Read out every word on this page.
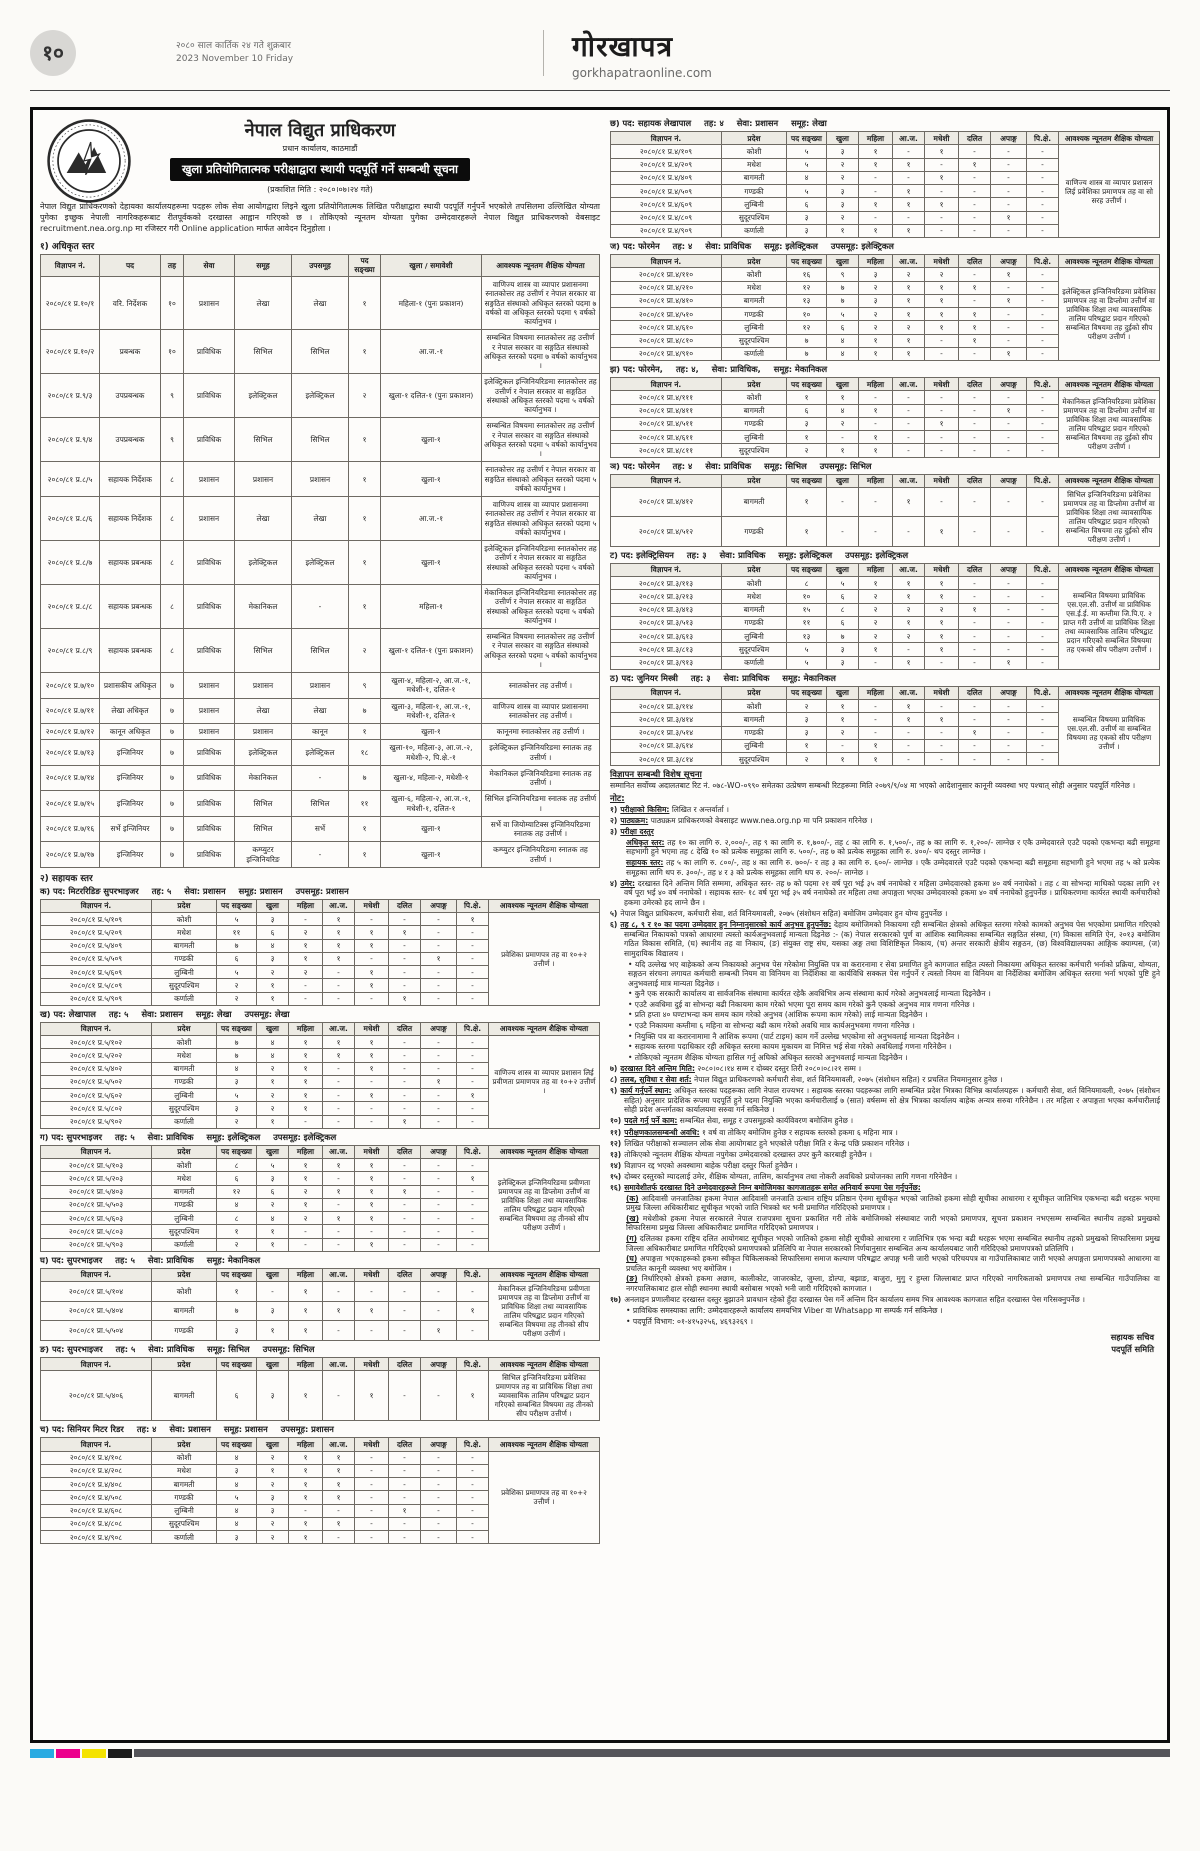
१०	२०८० साल कार्तिक २४ गते शुक्रबार
2023 November 10 Friday	गोरखापत्र
gorkhapatraonline.com
नेपाल विद्युत प्राधिकरण
प्रधान कार्यालय, काठमाडौं
खुला प्रतियोगितात्मक परीक्षाद्वारा स्थायी पदपूर्ति गर्ने सम्बन्धी सूचना
(प्रकाशित मिति : २०८०।०७।२४ गते)

नेपाल विद्युत प्राधिकरणको देहायका कार्यालयहरूमा पदहरू लोक सेवा आयोगद्वारा लिइने खुला प्रतियोगितात्मक लिखित परीक्षाद्वारा स्थायी पदपूर्ति गर्नुपर्ने भएकोले तपसिलमा उल्लिखित योग्यता पुगेका इच्छुक नेपाली नागरिकहरूबाट रीतपूर्वकको दरखास्त आह्वान गरिएको छ । तोकिएको न्यूनतम योग्यता पुगेका उम्मेदवारहरूले नेपाल विद्युत प्राधिकरणको वेबसाइट recruitment.nea.org.np मा रजिस्टर गरी Online application मार्फत आवेदन दिनुहोला ।

१) अधिकृत स्तर
विज्ञापन नं.	पद	तह	सेवा	समूह	उपसमूह	पद सङ्ख्या	खुला / समावेशी	आवश्यक न्यूनतम शैक्षिक योग्यता
२०८०/८१ प्र.१०/१	वरि. निर्देशक	१०	प्रशासन	लेखा	लेखा	१	महिला-१ (पुनः प्रकाशन)	वाणिज्य शास्त्र वा व्यापार प्रशासनमा स्नातकोत्तर तह उत्तीर्ण र नेपाल सरकार वा सङ्गठित संस्थाको अधिकृत स्तरको पदमा ७ वर्षको वा अधिकृत स्तरको पदमा ९ वर्षको कार्यानुभव ।
२०८०/८१ प्र.१०/२	प्रबन्धक	१०	प्राविधिक	सिभिल	सिभिल	१	आ.ज.-१	सम्बन्धित विषयमा स्नातकोत्तर तह उत्तीर्ण र नेपाल सरकार वा सङ्गठित संस्थाको अधिकृत स्तरको पदमा ७ वर्षको कार्यानुभव ।
२०८०/८१ प्र.९/३	उपप्रबन्धक	९	प्राविधिक	इलेक्ट्रिकल	इलेक्ट्रिकल	२	खुला-१ दलित-१ (पुनः प्रकाशन)	इलेक्ट्रिकल इन्जिनियरिङमा स्नातकोत्तर तह उत्तीर्ण र नेपाल सरकार वा सङ्गठित संस्थाको अधिकृत स्तरको पदमा ५ वर्षको कार्यानुभव ।
२०८०/८१ प्र.९/४	उपप्रबन्धक	९	प्राविधिक	सिभिल	सिभिल	१	खुला-१	सम्बन्धित विषयमा स्नातकोत्तर तह उत्तीर्ण र नेपाल सरकार वा सङ्गठित संस्थाको अधिकृत स्तरको पदमा ५ वर्षको कार्यानुभव ।
२०८०/८१ प्र.८/५	सहायक निर्देशक	८	प्रशासन	प्रशासन	प्रशासन	१	खुला-१	स्नातकोत्तर तह उत्तीर्ण र नेपाल सरकार वा सङ्गठित संस्थाको अधिकृत स्तरको पदमा ५ वर्षको कार्यानुभव ।
२०८०/८१ प्र.८/६	सहायक निर्देशक	८	प्रशासन	लेखा	लेखा	१	आ.ज.-१	वाणिज्य शास्त्र वा व्यापार प्रशासनमा स्नातकोत्तर तह उत्तीर्ण र नेपाल सरकार वा सङ्गठित संस्थाको अधिकृत स्तरको पदमा ५ वर्षको कार्यानुभव ।
२०८०/८१ प्र.८/७	सहायक प्रबन्धक	८	प्राविधिक	इलेक्ट्रिकल	इलेक्ट्रिकल	१	खुला-१	इलेक्ट्रिकल इन्जिनियरिङमा स्नातकोत्तर तह उत्तीर्ण र नेपाल सरकार वा सङ्गठित संस्थाको अधिकृत स्तरको पदमा ५ वर्षको कार्यानुभव ।
२०८०/८१ प्र.८/८	सहायक प्रबन्धक	८	प्राविधिक	मेकानिकल	-	१	महिला-१	मेकानिकल इन्जिनियरिङमा स्नातकोत्तर तह उत्तीर्ण र नेपाल सरकार वा सङ्गठित संस्थाको अधिकृत स्तरको पदमा ५ वर्षको कार्यानुभव ।
२०८०/८१ प्र.८/९	सहायक प्रबन्धक	८	प्राविधिक	सिभिल	सिभिल	२	खुला-१ दलित-१ (पुनः प्रकाशन)	सम्बन्धित विषयमा स्नातकोत्तर तह उत्तीर्ण र नेपाल सरकार वा सङ्गठित संस्थाको अधिकृत स्तरको पदमा ५ वर्षको कार्यानुभव ।
२०८०/८१ प्र.७/१०	प्रशासकीय अधिकृत	७	प्रशासन	प्रशासन	प्रशासन	९	खुला-४, महिला-२, आ.ज.-१, मधेशी-१, दलित-१	स्नातकोत्तर तह उत्तीर्ण ।
२०८०/८१ प्र.७/११	लेखा अधिकृत	७	प्रशासन	लेखा	लेखा	७	खुला-३, महिला-१, आ.ज.-१, मधेशी-१, दलित-१	वाणिज्य शास्त्र वा व्यापार प्रशासनमा स्नातकोत्तर तह उत्तीर्ण ।
२०८०/८१ प्र.७/१२	कानून अधिकृत	७	प्रशासन	प्रशासन	कानून	१	खुला-१	कानूनमा स्नातकोत्तर तह उत्तीर्ण ।
२०८०/८१ प्र.७/१३	इन्जिनियर	७	प्राविधिक	इलेक्ट्रिकल	इलेक्ट्रिकल	१८	खुला-१०, महिला-३, आ.ज.-२, मधेशी-२, पि.क्षे.-१	इलेक्ट्रिकल इन्जिनियरिङमा स्नातक तह उत्तीर्ण ।
२०८०/८१ प्र.७/१४	इन्जिनियर	७	प्राविधिक	मेकानिकल	-	७	खुला-४, महिला-२, मधेशी-१	मेकानिकल इन्जिनियरिङमा स्नातक तह उत्तीर्ण ।
२०८०/८१ प्र.७/१५	इन्जिनियर	७	प्राविधिक	सिभिल	सिभिल	११	खुला-६, महिला-२, आ.ज.-१, मधेशी-१, दलित-१	सिभिल इन्जिनियरिङमा स्नातक तह उत्तीर्ण ।
२०८०/८१ प्र.७/१६	सर्भे इन्जिनियर	७	प्राविधिक	सिभिल	सर्भे	१	खुला-१	सर्भे वा जियोम्याटिक्स इन्जिनियरिङमा स्नातक तह उत्तीर्ण ।
२०८०/८१ प्र.७/१७	इन्जिनियर	७	प्राविधिक	कम्प्युटर इन्जिनियरिङ	-	१	खुला-१	कम्प्युटर इन्जिनियरिङमा स्नातक तह उत्तीर्ण ।
२) सहायक स्तर
क) पद: मिटररिडिङ सुपरभाइजर तह: ५ सेवा: प्रशासन समूह: प्रशासन उपसमूह: प्रशासन
विज्ञापन नं.	प्रदेश	पद सङ्ख्या	खुला	महिला	आ.ज.	मधेशी	दलित	अपाङ्ग	पि.क्षे.	आवश्यक न्यूनतम शैक्षिक योग्यता
२०८०/८१ प्र.५/१०९	कोशी	५	३	-	१	-	-	-	१	प्रवेशिका प्रमाणपत्र तह वा १०+२ उत्तीर्ण ।
२०८०/८१ प्र.५/२०९	मधेश	११	६	२	१	१	१	-	-	
२०८०/८१ प्र.५/४०९	बागमती	७	४	१	१	१	-	-	-	
२०८०/८१ प्र.५/५०९	गण्डकी	६	३	१	१	-	-	१	-	
२०८०/८१ प्र.५/६०९	लुम्बिनी	५	२	२	-	१	-	-	-	
२०८०/८१ प्र.५/८०९	सुदूरपश्चिम	२	१	-	-	१	-	-	-	
२०८०/८१ प्र.५/९०९	कर्णाली	२	१	-	-	-	१	-	-	
ख) पद: लेखापाल तह: ५ सेवा: प्रशासन समूह: लेखा उपसमूह: लेखा
विज्ञापन नं.	प्रदेश	पद सङ्ख्या	खुला	महिला	आ.ज.	मधेशी	दलित	अपाङ्ग	पि.क्षे.	आवश्यक न्यूनतम शैक्षिक योग्यता
२०८०/८१ प्र.५/१०२	कोशी	७	४	१	१	१	-	-	-	वाणिज्य शास्त्र वा व्यापार प्रशासन लिई प्रवीणता प्रमाणपत्र तह वा १०+२ उत्तीर्ण ।
२०८०/८१ प्र.५/२०२	मधेश	७	४	१	१	१	-	-	-	
२०८०/८१ प्र.५/४०२	बागमती	४	२	१	-	१	-	-	-	
२०८०/८१ प्र.५/५०२	गण्डकी	३	१	१	-	-	-	१	-	
२०८०/८१ प्र.५/६०२	लुम्बिनी	५	२	१	-	१	-	-	१	
२०८०/८१ प्र.५/८०२	सुदूरपश्चिम	३	२	१	-	-	-	-	-	
२०८०/८१ प्र.५/९०२	कर्णाली	२	१	-	-	-	१	-	-	
ग) पद: सुपरभाइजर तह: ५ सेवा: प्राविधिक समूह: इलेक्ट्रिकल उपसमूह: इलेक्ट्रिकल
विज्ञापन नं.	प्रदेश	पद सङ्ख्या	खुला	महिला	आ.ज.	मधेशी	दलित	अपाङ्ग	पि.क्षे.	आवश्यक न्यूनतम शैक्षिक योग्यता
२०८०/८१ प्रा.५/१०३	कोशी	८	५	१	१	१	-	-	-	इलेक्ट्रिकल इन्जिनियरिङमा प्रवीणता प्रमाणपत्र तह वा डिप्लोमा उत्तीर्ण वा प्राविधिक शिक्षा तथा व्यावसायिक तालिम परिषद्बाट प्रदान गरिएको सम्बन्धित विषयमा तह तीनको सीप परीक्षण उत्तीर्ण ।
२०८०/८१ प्रा.५/२०३	मधेश	६	३	१	-	१	-	-	१	
२०८०/८१ प्रा.५/४०३	बागमती	१२	६	२	१	१	१	-	-	
२०८०/८१ प्रा.५/५०३	गण्डकी	४	२	१	-	१	-	-	-	
२०८०/८१ प्रा.५/६०३	लुम्बिनी	८	४	२	१	१	-	-	-	
२०८०/८१ प्रा.५/८०३	सुदूरपश्चिम	१	१	-	-	-	-	-	-	
२०८०/८१ प्रा.५/९०३	कर्णाली	२	१	-	-	१	-	-	-	
घ) पद: सुपरभाइजर तह: ५ सेवा: प्राविधिक समूह: मेकानिकल
विज्ञापन नं.	प्रदेश	पद सङ्ख्या	खुला	महिला	आ.ज.	मधेशी	दलित	अपाङ्ग	पि.क्षे.	आवश्यक न्यूनतम शैक्षिक योग्यता
२०८०/८१ प्रा.५/१०४	कोशी	१	-	१	-	-	-	-	-	मेकानिकल इन्जिनियरिङमा प्रवीणता प्रमाणपत्र तह वा डिप्लोमा उत्तीर्ण वा प्राविधिक शिक्षा तथा व्यावसायिक तालिम परिषद्बाट प्रदान गरिएको सम्बन्धित विषयमा तह तीनको सीप परीक्षण उत्तीर्ण ।
२०८०/८१ प्रा.५/४०४	बागमती	७	३	१	१	१	-	-	१	
२०८०/८१ प्रा.५/५०४	गण्डकी	३	१	१	-	-	-	१	-	
ङ) पद: सुपरभाइजर तह: ५ सेवा: प्राविधिक समूह: सिभिल उपसमूह: सिभिल
विज्ञापन नं.	प्रदेश	पद सङ्ख्या	खुला	महिला	आ.ज.	मधेशी	दलित	अपाङ्ग	पि.क्षे.	आवश्यक न्यूनतम शैक्षिक योग्यता
२०८०/८१ प्रा.५/४०६	बागमती	६	३	१	-	१	-	-	१	सिभिल इन्जिनियरिङमा प्रवेशिका प्रमाणपत्र तह वा प्राविधिक शिक्षा तथा व्यावसायिक तालिम परिषद्बाट प्रदान गरिएको सम्बन्धित विषयमा तह तीनको सीप परीक्षण उत्तीर्ण ।
च) पद: सिनियर मिटर रिडर तह: ४ सेवा: प्रशासन समूह: प्रशासन उपसमूह: प्रशासन
विज्ञापन नं.	प्रदेश	पद सङ्ख्या	खुला	महिला	आ.ज.	मधेशी	दलित	अपाङ्ग	पि.क्षे.	आवश्यक न्यूनतम शैक्षिक योग्यता
२०८०/८१ प्र.४/१०८	कोशी	४	२	१	१	-	-	-	-	प्रवेशिका प्रमाणपत्र तह वा १०+२ उत्तीर्ण ।
२०८०/८१ प्र.४/२०८	मधेश	३	१	१	१	-	-	-	-	
२०८०/८१ प्र.४/४०८	बागमती	४	२	१	१	-	-	-	-	
२०८०/८१ प्र.४/५०८	गण्डकी	५	३	१	१	-	-	-	-	
२०८०/८१ प्र.४/६०८	लुम्बिनी	४	३	-	-	-	१	-	-	
२०८०/८१ प्र.४/८०८	सुदूरपश्चिम	४	२	१	१	-	-	-	-	
२०८०/८१ प्र.४/९०८	कर्णाली	३	२	१	-	-	-	-	-	
छ) पद: सहायक लेखापाल तह: ४ सेवा: प्रशासन समूह: लेखा
विज्ञापन नं.	प्रदेश	पद सङ्ख्या	खुला	महिला	आ.ज.	मधेशी	दलित	अपाङ्ग	पि.क्षे.	आवश्यक न्यूनतम शैक्षिक योग्यता
२०८०/८१ प्र.४/१०९	कोशी	५	३	१	-	१	-	-	-	वाणिज्य शास्त्र वा व्यापार प्रशासन लिई प्रवेशिका प्रमाणपत्र तह वा सो सरह उत्तीर्ण ।
२०८०/८१ प्र.४/२०९	मधेश	५	२	१	१	-	१	-	-	
२०८०/८१ प्र.४/४०९	बागमती	४	२	-	-	१	-	-	-	
२०८०/८१ प्र.४/५०९	गण्डकी	५	३	-	१	-	-	-	-	
२०८०/८१ प्र.४/६०९	लुम्बिनी	६	३	१	१	१	-	-	-	
२०८०/८१ प्र.४/८०९	सुदूरपश्चिम	३	२	-	-	-	-	१	-	
२०८०/८१ प्र.४/९०९	कर्णाली	३	१	१	१	-	-	-	-	
ज) पद: फोरमेन तह: ४ सेवा: प्राविधिक समूह: इलेक्ट्रिकल उपसमूह: इलेक्ट्रिकल
विज्ञापन नं.	प्रदेश	पद सङ्ख्या	खुला	महिला	आ.ज.	मधेशी	दलित	अपाङ्ग	पि.क्षे.	आवश्यक न्यूनतम शैक्षिक योग्यता
२०८०/८१ प्रा.४/११०	कोशी	१६	९	३	२	२	-	१	-	इलेक्ट्रिकल इन्जिनियरिङमा प्रवेशिका प्रमाणपत्र तह वा डिप्लोमा उत्तीर्ण वा प्राविधिक शिक्षा तथा व्यावसायिक तालिम परिषद्बाट प्रदान गरिएको सम्बन्धित विषयमा तह दुईको सीप परीक्षण उत्तीर्ण ।
२०८०/८१ प्रा.४/२१०	मधेश	१२	७	२	१	१	१	-	-	
२०८०/८१ प्रा.४/४१०	बागमती	१३	७	३	१	१	-	१	-	
२०८०/८१ प्रा.४/५१०	गण्डकी	१०	५	२	१	१	१	-	-	
२०८०/८१ प्रा.४/६१०	लुम्बिनी	१२	६	२	२	१	१	-	-	
२०८०/८१ प्रा.४/८१०	सुदूरपश्चिम	७	४	१	१	-	१	-	-	
२०८०/८१ प्रा.४/९१०	कर्णाली	७	४	१	१	-	-	१	-	
झ) पद: फोरमेन, तह: ४, सेवा: प्राविधिक, समूह: मेकानिकल
विज्ञापन नं.	प्रदेश	पद सङ्ख्या	खुला	महिला	आ.ज.	मधेशी	दलित	अपाङ्ग	पि.क्षे.	आवश्यक न्यूनतम शैक्षिक योग्यता
२०८०/८१ प्रा.४/१११	कोशी	१	१	-	-	-	-	-	-	मेकानिकल इन्जिनियरिङमा प्रवेशिका प्रमाणपत्र तह वा डिप्लोमा उत्तीर्ण वा प्राविधिक शिक्षा तथा व्यावसायिक तालिम परिषद्बाट प्रदान गरिएको सम्बन्धित विषयमा तह दुईको सीप परीक्षण उत्तीर्ण ।
२०८०/८१ प्रा.४/४११	बागमती	६	४	१	-	-	-	१	-	
२०८०/८१ प्रा.४/५११	गण्डकी	३	२	-	-	१	-	-	-	
२०८०/८१ प्रा.४/६११	लुम्बिनी	१	-	१	-	-	-	-	-	
२०८०/८१ प्रा.४/८११	सुदूरपश्चिम	२	१	१	-	-	-	-	-	
ञ) पद: फोरमेन तह: ४ सेवा: प्राविधिक समूह: सिभिल उपसमूह: सिभिल
विज्ञापन नं.	प्रदेश	पद सङ्ख्या	खुला	महिला	आ.ज.	मधेशी	दलित	अपाङ्ग	पि.क्षे.	आवश्यक न्यूनतम शैक्षिक योग्यता
२०८०/८१ प्रा.४/४१२	बागमती	१	-	-	१	-	-	-	-	सिभिल इन्जिनियरिङमा प्रवेशिका प्रमाणपत्र तह वा डिप्लोमा उत्तीर्ण वा प्राविधिक शिक्षा तथा व्यावसायिक तालिम परिषद्बाट प्रदान गरिएको सम्बन्धित विषयमा तह दुईको सीप परीक्षण उत्तीर्ण ।
२०८०/८१ प्रा.४/५१२	गण्डकी	१	-	-	-	१	-	-	-	
ट) पद: इलेक्ट्रिसियन तह: ३ सेवा: प्राविधिक समूह: इलेक्ट्रिकल उपसमूह: इलेक्ट्रिकल
विज्ञापन नं.	प्रदेश	पद सङ्ख्या	खुला	महिला	आ.ज.	मधेशी	दलित	अपाङ्ग	पि.क्षे.	आवश्यक न्यूनतम शैक्षिक योग्यता
२०८०/८१ प्रा.३/११३	कोशी	८	५	१	१	१	-	-	-	सम्बन्धित विषयमा प्राविधिक एस.एल.सी. उत्तीर्ण वा प्राविधिक एस.ई.ई. मा कम्तीमा जि.पि.ए. २ प्राप्त गरी उत्तीर्ण वा प्राविधिक शिक्षा तथा व्यावसायिक तालिम परिषद्बाट प्रदान गरिएको सम्बन्धित विषयमा तह एकको सीप परीक्षण उत्तीर्ण ।
२०८०/८१ प्रा.३/२१३	मधेश	१०	६	२	१	१	-	-	-	
२०८०/८१ प्रा.३/४१३	बागमती	१५	८	२	२	२	१	-	-	
२०८०/८१ प्रा.३/५१३	गण्डकी	११	६	२	१	१	-	-	-	
२०८०/८१ प्रा.३/६१३	लुम्बिनी	१३	७	२	२	१	-	-	-	
२०८०/८१ प्रा.३/८१३	सुदूरपश्चिम	५	३	१	-	१	-	-	-	
२०८०/८१ प्रा.३/९१३	कर्णाली	५	३	-	१	-	-	१	-	
ठ) पद: जुनियर मिस्त्री तह: ३ सेवा: प्राविधिक समूह: मेकानिकल
विज्ञापन नं.	प्रदेश	पद सङ्ख्या	खुला	महिला	आ.ज.	मधेशी	दलित	अपाङ्ग	पि.क्षे.	आवश्यक न्यूनतम शैक्षिक योग्यता
२०८०/८१ प्रा.३/११४	कोशी	२	१	-	१	-	-	-	-	सम्बन्धित विषयमा प्राविधिक एस.एल.सी. उत्तीर्ण वा सम्बन्धित विषयमा तह एकको सीप परीक्षण उत्तीर्ण ।
२०८०/८१ प्रा.३/४१४	बागमती	३	१	-	१	१	-	-	-	
२०८०/८१ प्रा.३/५१४	गण्डकी	३	२	-	-	-	१	-	-	
२०८०/८१ प्रा.३/६१४	लुम्बिनी	१	-	१	-	-	-	-	-	
२०८०/८१ प्रा.३/८१४	सुदूरपश्चिम	२	१	१	-	-	-	-	-	
विज्ञापन सम्बन्धी विशेष सूचना

सम्मानित सर्वोच्च अदालतबाट रिट नं. ०७८-WO-०९९० समेतका उत्प्रेषण सम्बन्धी रिटहरूमा मिति २०७९/९/०४ मा भएको आदेशानुसार कानूनी व्यवस्था भए पश्चात् सोही अनुसार पदपूर्ति गरिनेछ ।

नोट:
१) परीक्षाको किसिम: लिखित र अन्तर्वार्ता ।
२) पाठ्यक्रम: पाठ्यक्रम प्राधिकरणको वेबसाइट www.nea.org.np मा पनि प्रकाशन गरिनेछ ।
३) परीक्षा दस्तुर
अधिकृत स्तर: तह १० का लागि रु. २,०००/-, तह ९ का लागि रु. १,७००/-, तह ८ का लागि रु. १,५००/-, तह ७ का लागि रु. १,२००/- लाग्नेछ र एकै उम्मेदवारले एउटै पदको एकभन्दा बढी समूहमा सहभागी हुने भएमा तह ८ देखि १० को प्रत्येक समूहका लागि रु. ५००/-, तह ७ को प्रत्येक समूहका लागि रु. ४००/- थप दस्तुर लाग्नेछ ।
सहायक स्तर: तह ५ का लागि रु. ८००/-, तह ४ का लागि रु. ७००/- र तह ३ का लागि रु. ६००/- लाग्नेछ । एकै उम्मेदवारले एउटै पदको एकभन्दा बढी समूहमा सहभागी हुने भएमा तह ५ को प्रत्येक समूहका लागि थप रु. ३००/-, तह ४ र ३ को प्रत्येक समूहका लागि थप रु. २००/- लाग्नेछ ।
४) उमेर: दरखास्त दिने अन्तिम मिति सम्ममा, अधिकृत स्तर- तह ७ को पदमा २१ वर्ष पूरा भई ३५ वर्ष ननाघेको र महिला उम्मेदवारको हकमा ४० वर्ष ननाघेको । तह ८ वा सोभन्दा माथिको पदका लागि २१ वर्ष पूरा भई ४० वर्ष ननाघेको । सहायक स्तर- १८ वर्ष पूरा भई ३५ वर्ष ननाघेको तर महिला तथा अपाङ्गता भएका उम्मेदवारको हकमा ४० वर्ष ननाघेको हुनुपर्नेछ । प्राधिकरणमा कार्यरत स्थायी कर्मचारीको हकमा उमेरको हद लाग्ने छैन ।
५) नेपाल विद्युत प्राधिकरण, कर्मचारी सेवा, शर्त विनियमावली, २०७५ (संशोधन सहित) बमोजिम उम्मेदवार हुन योग्य हुनुपर्नेछ ।
६) तह ८, ९ र १० का पदमा उम्मेदवार हुन निम्नानुसारको कार्य अनुभव हुनुपर्नेछ: देहाय बमोजिमको निकायमा रही सम्बन्धित क्षेत्रको अधिकृत स्तरमा गरेको कामको अनुभव पेस भएकोमा प्रमाणित गरिएको सम्बन्धित निकायको पत्रको आधारमा त्यस्तो कार्यअनुभवलाई मान्यता दिइनेछ :- (क) नेपाल सरकारको पूर्ण वा आंशिक स्वामित्वका सम्बन्धित सङ्गठित संस्था, (ग) विकास समिति ऐन, २०१३ बमोजिम गठित विकास समिति, (घ) स्थानीय तह वा निकाय, (ङ) संयुक्त राष्ट्र संघ, यसका अङ्ग तथा विशिष्टिकृत निकाय, (च) अन्तर सरकारी क्षेत्रीय सङ्गठन, (छ) विश्वविद्यालयका आङ्गिक क्याम्पस, (ज) सामुदायिक विद्यालय ।
• यदि उल्लेख भए बाहेकको अन्य निकायको अनुभव पेस गरेकोमा नियुक्ति पत्र वा करारनामा र सेवा प्रमाणित हुने कागजात सहित त्यस्तो निकायमा अधिकृत स्तरका कर्मचारी भर्नाको प्रक्रिया, योग्यता, सङ्गठन संरचना लगायत कर्मचारी सम्बन्धी नियम वा विनियम वा निर्देशिका वा कार्यविधि सक्कल पेस गर्नुपर्ने र त्यस्तो नियम वा विनियम वा निर्देशिका बमोजिम अधिकृत स्तरमा भर्ना भएको पुष्टि हुने अनुभवलाई मात्र मान्यता दिइनेछ ।
• कुनै एक सरकारी कार्यालय वा सार्वजनिक संस्थामा कार्यरत रहेकै अवधिभित्र अन्य संस्थामा कार्य गरेको अनुभवलाई मान्यता दिइनेछैन ।
• एउटै अवधिमा दुई वा सोभन्दा बढी निकायमा काम गरेको भएमा पूरा समय काम गरेको कुनै एकको अनुभव मात्र गणना गरिनेछ ।
• प्रति हप्ता ४० घण्टाभन्दा कम समय काम गरेको अनुभव (आंशिक रूपमा काम गरेको) लाई मान्यता दिइनेछैन ।
• एउटै निकायमा कम्तीमा ६ महिना वा सोभन्दा बढी काम गरेको अवधि मात्र कार्यअनुभवमा गणना गरिनेछ ।
• नियुक्ति पत्र वा करारनामामा नै आंशिक रूपमा (पार्ट टाइम) काम गर्ने उल्लेख भएकोमा सो अनुभवलाई मान्यता दिइनेछैन ।
• सहायक स्तरमा पदाधिकार रही अधिकृत स्तरमा कायम मुकायम वा निमित्त भई सेवा गरेको अवधिलाई गणना गरिनेछैन ।
• तोकिएको न्यूनतम शैक्षिक योग्यता हासिल गर्नु अघिको अधिकृत स्तरको अनुभवलाई मान्यता दिइनेछैन ।
७) दरखास्त दिने अन्तिम मिति: २०८०।०८।१४ सम्म र दोब्बर दस्तुर तिरी २०८०।०८।२१ सम्म ।
८) तलब, सुविधा र सेवा शर्त: नेपाल विद्युत प्राधिकरणको कर्मचारी सेवा, शर्त विनियमावली, २०७५ (संशोधन सहित) र प्रचलित नियमानुसार हुनेछ ।
९) कार्य गर्नुपर्ने स्थान: अधिकृत स्तरका पदहरूका लागि नेपाल राज्यभर । सहायक स्तरका पदहरूका लागि सम्बन्धित प्रदेश भित्रका विभिन्न कार्यालयहरू । कर्मचारी सेवा, शर्त विनियमावली, २०७५ (संशोधन सहित) अनुसार प्रादेशिक रूपमा पदपूर्ति हुने पदमा नियुक्ति भएका कर्मचारीलाई ७ (सात) वर्षसम्म सो क्षेत्र भित्रका कार्यालय बाहेक अन्यत्र सरुवा गरिनेछैन । तर महिला र अपाङ्गता भएका कर्मचारीलाई सोही प्रदेश अन्तर्गतका कार्यालयमा सरुवा गर्न सकिनेछ ।
१०) पदले गर्नु पर्ने काम: सम्बन्धित सेवा, समूह र उपसमूहको कार्यविवरण बमोजिम हुनेछ ।
११) परीक्षणकालसम्बन्धी अवधि: १ वर्ष वा तोकिए बमोजिम हुनेछ र सहायक स्तरको हकमा ६ महिना मात्र ।
१२) लिखित परीक्षाको सञ्चालन लोक सेवा आयोगबाट हुने भएकोले परीक्षा मिति र केन्द्र पछि प्रकाशन गरिनेछ ।
१३) तोकिएको न्यूनतम शैक्षिक योग्यता नपुगेका उम्मेदवारको दरखास्त उपर कुनै कारबाही हुनेछैन ।
१४) विज्ञापन रद्द भएको अवस्थामा बाहेक परीक्षा दस्तुर फिर्ता हुनेछैन ।
१५) दोब्बर दस्तुरको म्यादलाई उमेर, शैक्षिक योग्यता, तालिम, कार्यानुभव तथा नोकरी अवधिको प्रयोजनका लागि गणना गरिनेछैन ।
१६) समावेशीतर्फ दरखास्त दिने उम्मेदवारहरूले निम्न बमोजिमका कागजातहरू समेत अनिवार्य रूपमा पेस गर्नुपर्नेछ:
(क) आदिवासी जनजातिका हकमा नेपाल आदिवासी जनजाति उत्थान राष्ट्रिय प्रतिष्ठान ऐनमा सूचीकृत भएको जातिको हकमा सोही सूचीका आधारमा र सूचीकृत जातिभित्र एकभन्दा बढी थरहरू भएमा प्रमुख जिल्ला अधिकारीबाट सूचीकृत भएको जाति भित्रको थर भनी प्रमाणित गरिदिएको प्रमाणपत्र ।
(ख) मधेशीको हकमा नेपाल सरकारले नेपाल राजपत्रमा सूचना प्रकाशित गरी तोके बमोजिमको संस्थाबाट जारी भएको प्रमाणपत्र, सूचना प्रकाशन नभएसम्म सम्बन्धित स्थानीय तहको प्रमुखको सिफारिसमा प्रमुख जिल्ला अधिकारीबाट प्रमाणित गरिदिएको प्रमाणपत्र ।
(ग) दलितका हकमा राष्ट्रिय दलित आयोगबाट सूचीकृत भएको जातिको हकमा सोही सूचीको आधारमा र जातिभित्र एक भन्दा बढी थरहरू भएमा सम्बन्धित स्थानीय तहको प्रमुखको सिफारिसमा प्रमुख जिल्ला अधिकारीबाट प्रमाणित गरिदिएको प्रमाणपत्रको प्रतिलिपि वा नेपाल सरकारको निर्णयानुसार सम्बन्धित अन्य कार्यालयबाट जारी गरिदिएको प्रमाणपत्रको प्रतिलिपि ।
(घ) अपाङ्गता भएकाहरूको हकमा स्वीकृत चिकित्सकको सिफारिसमा समाज कल्याण परिषद्बाट अपाङ्ग भनी जारी भएको परिचयपत्र वा गाउँपालिकाबाट जारी भएको अपाङ्गता प्रमाणपत्रको आधारमा वा प्रचलित कानूनी व्यवस्था भए बमोजिम ।
(ङ) निर्धारिएको क्षेत्रको हकमा अछाम, कालीकोट, जाजरकोट, जुम्ला, डोल्पा, बझाङ, बाजुरा, मुगु र हुम्ला जिल्लाबाट प्राप्त गरिएको नागरिकताको प्रमाणपत्र तथा सम्बन्धित गाउँपालिका वा नगरपालिकाबाट हाल सोही स्थानमा स्थायी बसोबास भएको भनी जारी गरिदिएको कागजात ।
१७) अनलाइन प्रणालीबाट दरखास्त दस्तुर बुझाउने प्रावधान रहेको हुँदा दरखास्त पेस गर्ने अन्तिम दिन कार्यालय समय भित्र आवश्यक कागजात सहित दरखास्त पेस गरिसक्नुपर्नेछ ।
• प्राविधिक समस्याका लागि: उम्मेदवारहरूले कार्यालय समयभित्र Viber वा Whatsapp मा सम्पर्क गर्न सकिनेछ ।
• पदपूर्ति विभाग: ०१-४१५३२५६, ४६९३२६९ ।
सहायक सचिव
पदपूर्ति समिति
